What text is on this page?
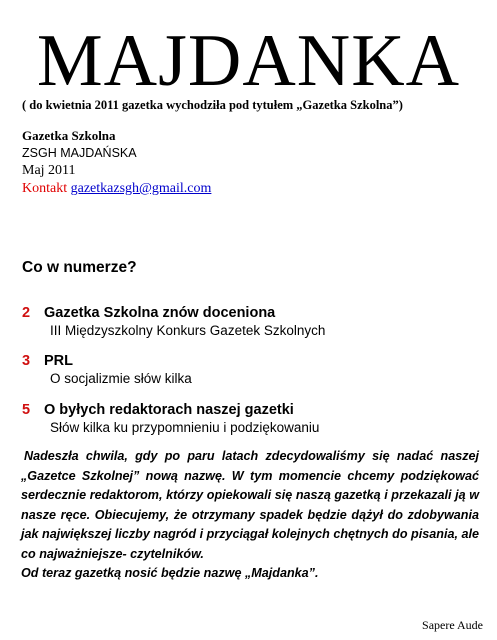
MAJDANKA
( do kwietnia 2011 gazetka wychodziła pod tytułem „Gazetka Szkolna”)
Gazetka Szkolna
ZSGH MAJDAŃSKA
Maj 2011
Kontakt gazetkazsgh@gmail.com
Co w numerze?
2 Gazetka Szkolna znów doceniona
III Międzyszkolny Konkurs Gazetek Szkolnych
3 PRL
O socjalizmie słów kilka
5 O byłych redaktorach naszej gazetki
Słów kilka ku przypomnieniu i podziękowaniu

Nadeszła chwila, gdy po paru latach zdecydowaliśmy się nadać naszej „Gazetce Szkolnej” nową nazwę. W tym momencie chcemy podziękować serdecznie redaktorom, którzy opiekowali się naszą gazetką i przekazali ją w nasze ręce. Obiecujemy, że otrzymany spadek będzie dążył do zdobywania jak największej liczby nagród i przyciągał kolejnych chętnych do pisania, ale co najważniejsze- czytelników.

Od teraz gazetką nosić będzie nazwę „Majdanka”.

Sapere Aude
